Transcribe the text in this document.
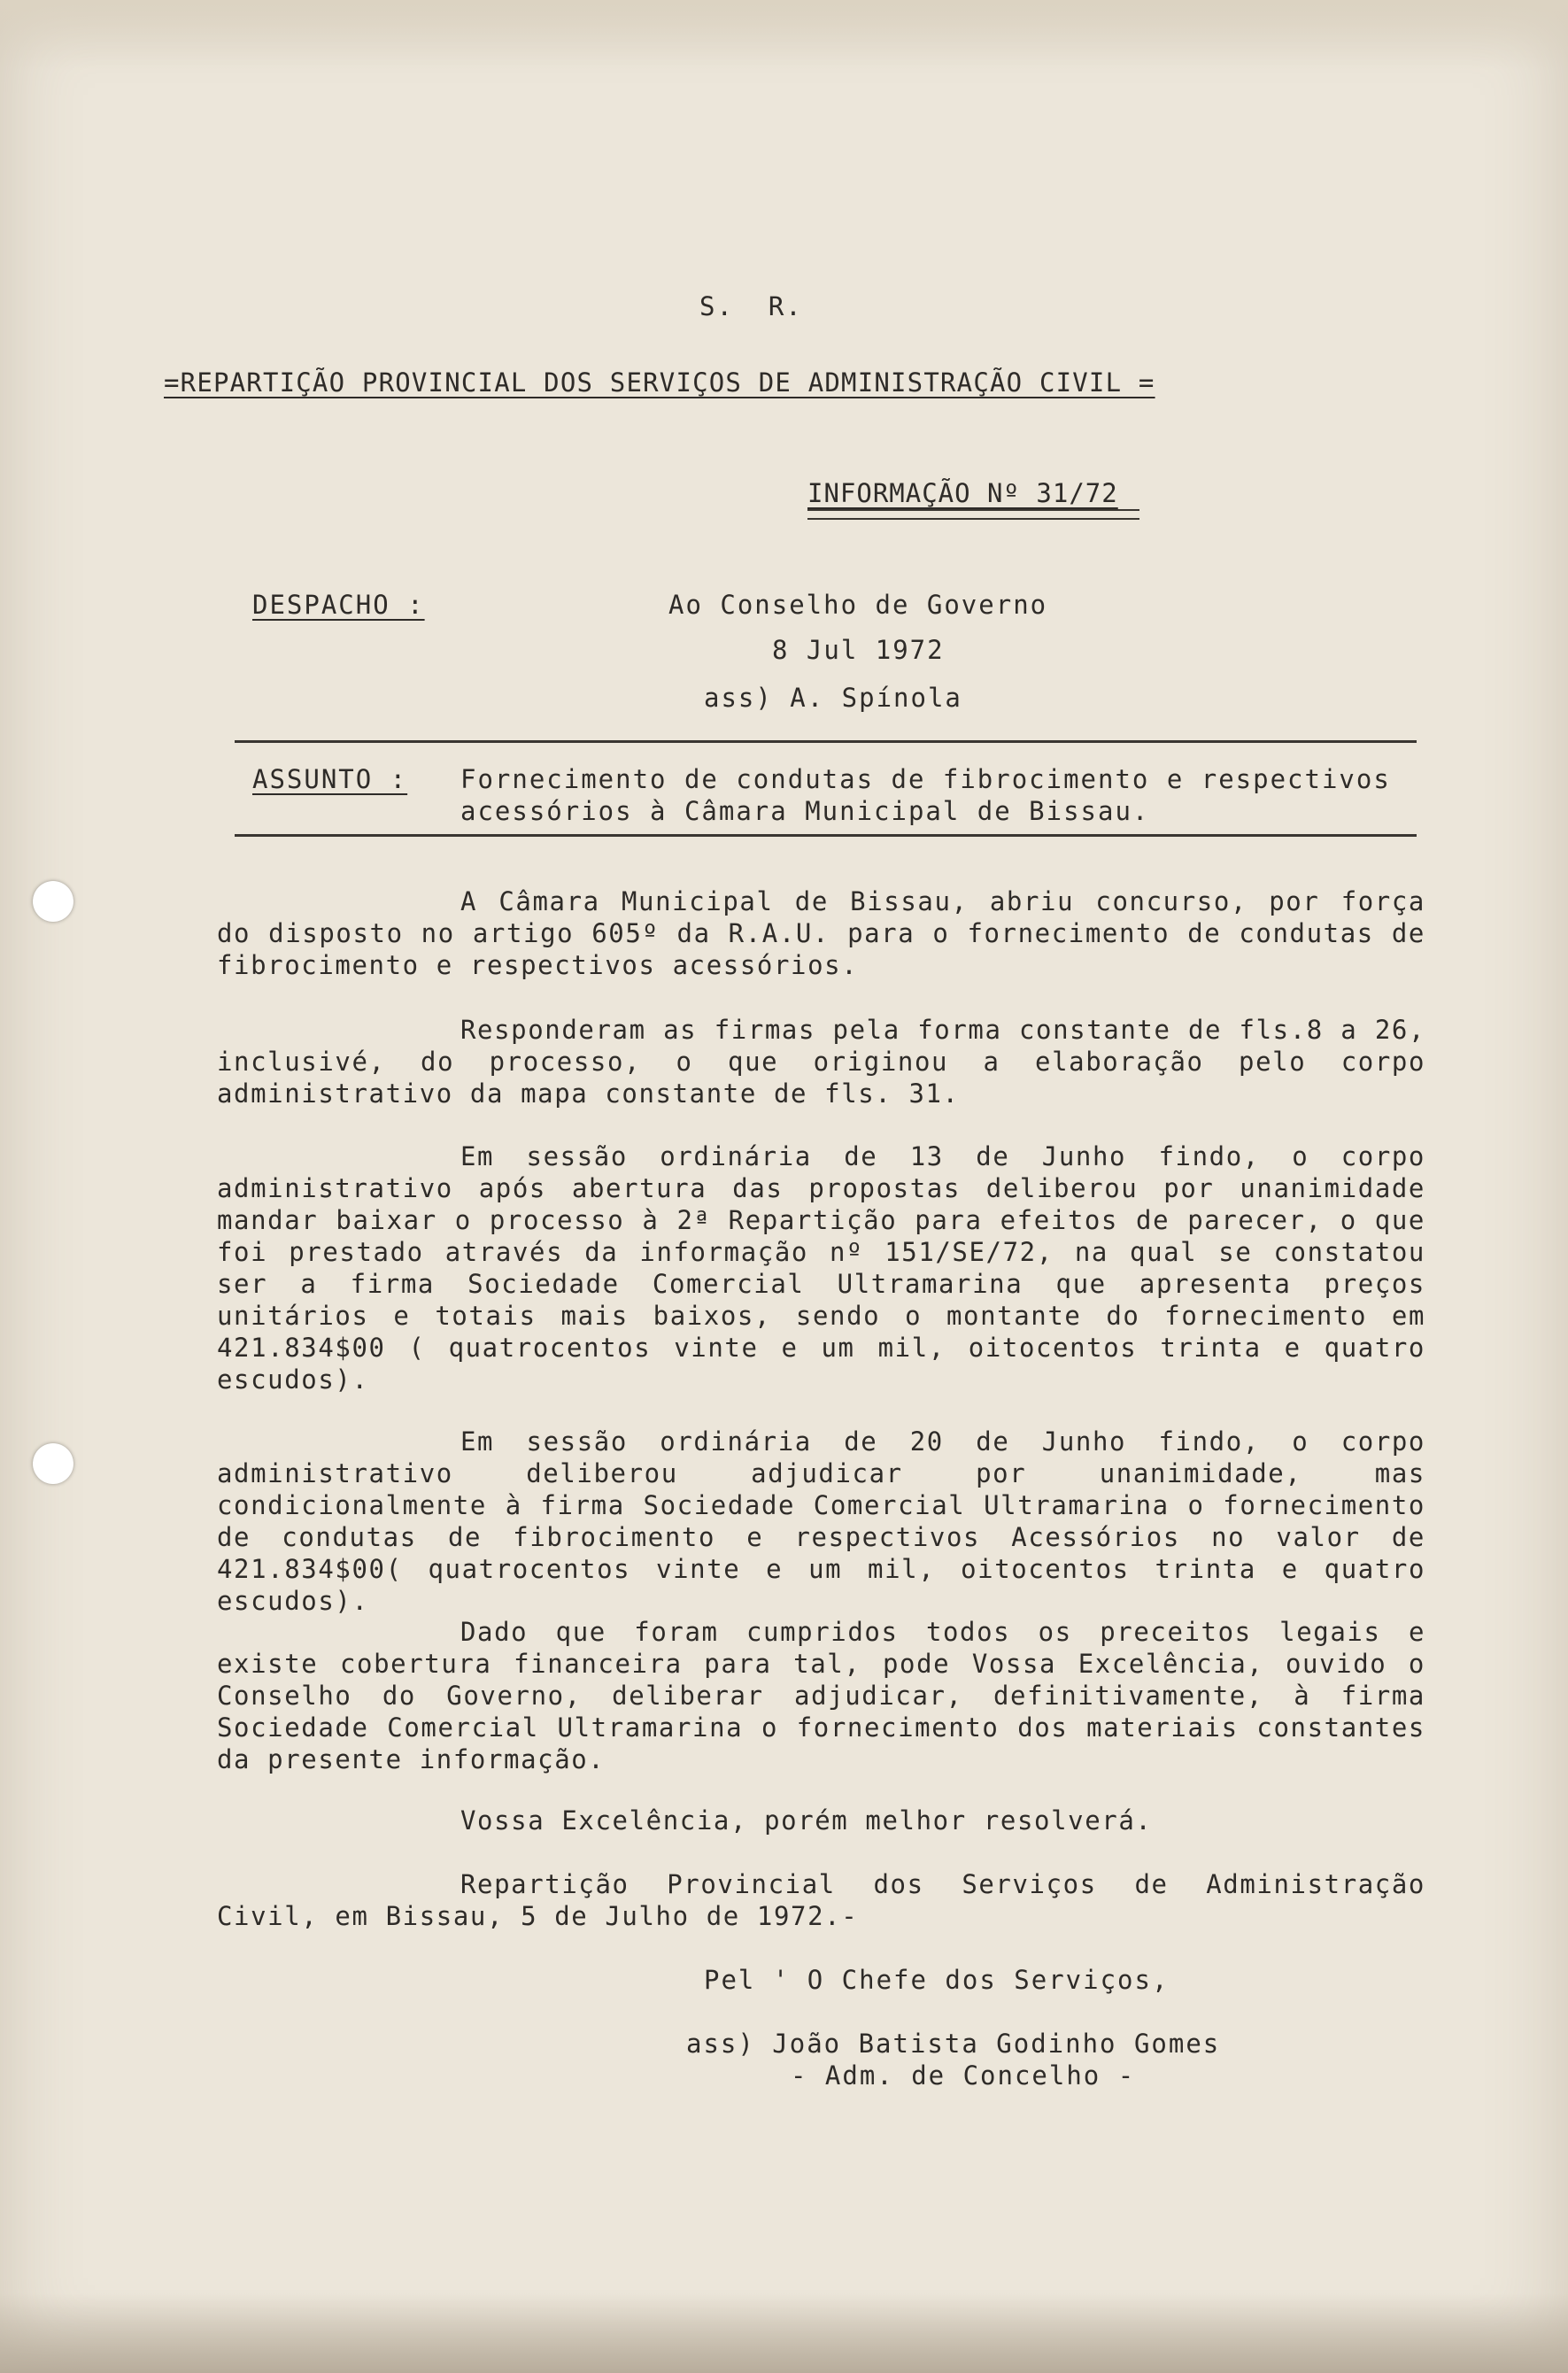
S.  R.
=REPARTIÇÃO PROVINCIAL DOS SERVIÇOS DE ADMINISTRAÇÃO CIVIL =
INFORMAÇÃO Nº 31/72
DESPACHO :	Ao Conselho de Governo
8 Jul 1972
ass) A. Spínola
ASSUNTO : Fornecimento de condutas de fibrocimento e respectivos
acessórios à Câmara Municipal de Bissau.

A Câmara Municipal de Bissau, abriu concurso, por força do disposto no artigo 605º da R.A.U. para o fornecimento de condutas de fibrocimento e respectivos acessórios.

Responderam as firmas pela forma constante de fls.8 a 26, inclusivé, do processo, o que originou a elaboração pelo corpo administrativo da mapa constante de fls. 31.

Em sessão ordinária de 13 de Junho findo, o corpo administrativo após abertura das propostas deliberou por unanimidade mandar baixar o processo à 2ª Repartição para efeitos de parecer, o que foi prestado através da informação nº 151/SE/72, na qual se constatou ser a firma Sociedade Comercial Ultramarina que apresenta preços unitários e totais mais baixos, sendo o montante do fornecimento em 421.834$00 ( quatrocentos vinte e um mil, oitocentos trinta e quatro escudos).

Em sessão ordinária de 20 de Junho findo, o corpo administrativo deliberou adjudicar por unanimidade, mas condicionalmente à firma Sociedade Comercial Ultramarina o fornecimento de condutas de fibrocimento e respectivos Acessórios no valor de 421.834$00( quatrocentos vinte e um mil, oitocentos trinta e quatro escudos).

Dado que foram cumpridos todos os preceitos legais e existe cobertura financeira para tal, pode Vossa Excelência, ouvido o Conselho do Governo, deliberar adjudicar, definitivamente, à firma Sociedade Comercial Ultramarina o fornecimento dos materiais constantes da presente informação.

Vossa Excelência, porém melhor resolverá.

Repartição Provincial dos Serviços de Administração Civil, em Bissau, 5 de Julho de 1972.-

Pel ' O Chefe dos Serviços,
ass) João Batista Godinho Gomes
- Adm. de Concelho -
